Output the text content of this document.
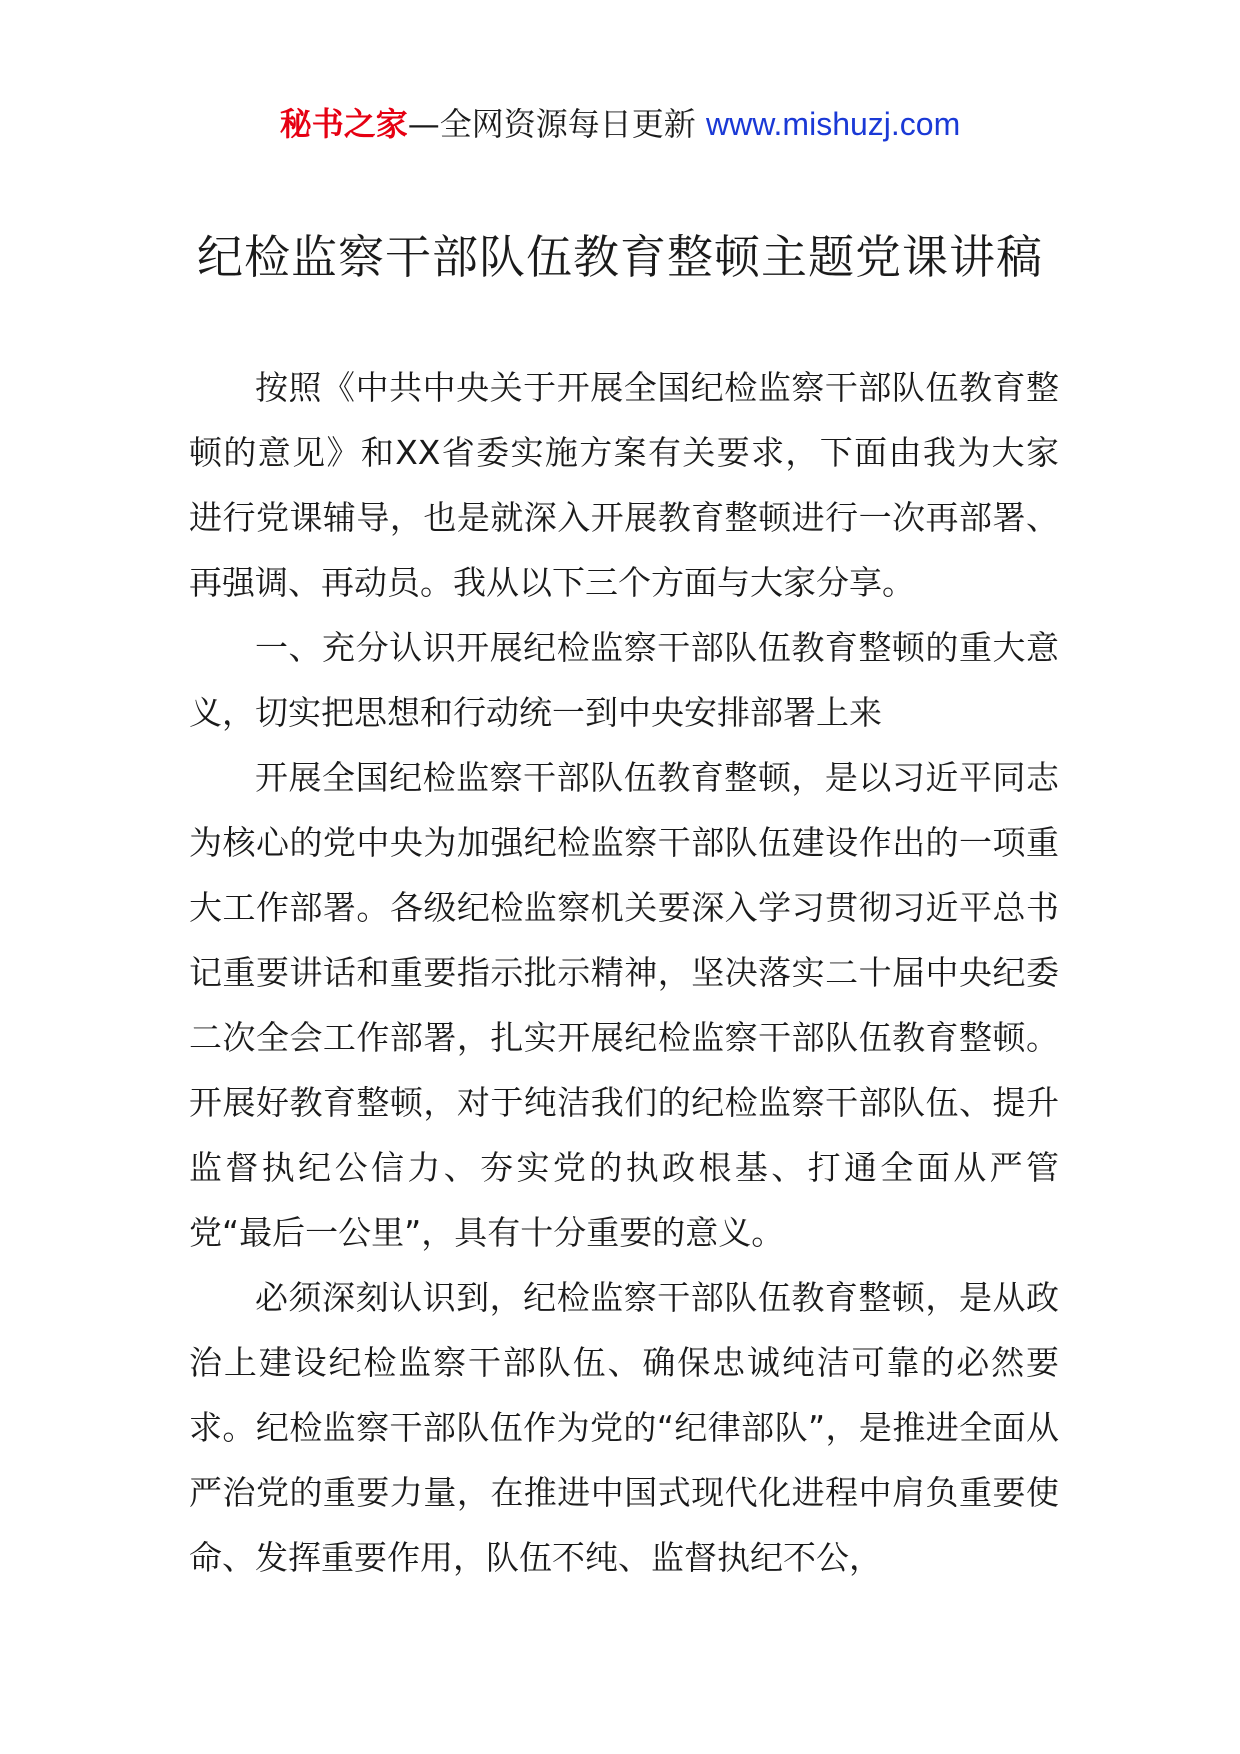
秘书之家—全网资源每日更新 www.mishuzj.com
纪检监察干部队伍教育整顿主题党课讲稿

按照《中共中央关于开展全国纪检监察干部队伍教育整顿的意见》和XX省委实施方案有关要求，下面由我为大家进行党课辅导，也是就深入开展教育整顿进行一次再部署、再强调、再动员。我从以下三个方面与大家分享。

一、充分认识开展纪检监察干部队伍教育整顿的重大意义，切实把思想和行动统一到中央安排部署上来

开展全国纪检监察干部队伍教育整顿，是以习近平同志为核心的党中央为加强纪检监察干部队伍建设作出的一项重大工作部署。各级纪检监察机关要深入学习贯彻习近平总书记重要讲话和重要指示批示精神，坚决落实二十届中央纪委二次全会工作部署，扎实开展纪检监察干部队伍教育整顿。开展好教育整顿，对于纯洁我们的纪检监察干部队伍、提升监督执纪公信力、夯实党的执政根基、打通全面从严管党“最后一公里”，具有十分重要的意义。

必须深刻认识到，纪检监察干部队伍教育整顿，是从政治上建设纪检监察干部队伍、确保忠诚纯洁可靠的必然要求。纪检监察干部队伍作为党的“纪律部队”，是推进全面从严治党的重要力量，在推进中国式现代化进程中肩负重要使命、发挥重要作用，队伍不纯、监督执纪不公，
